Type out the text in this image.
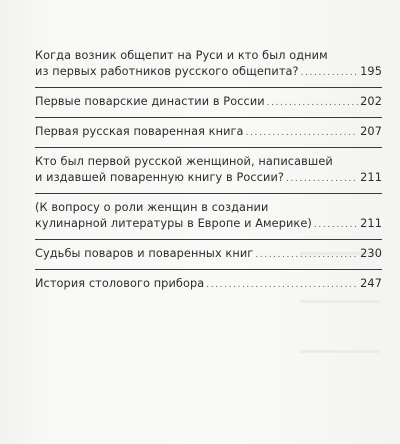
Когда возник общепит на Руси и кто был одним
из первых работников русского общепита? .....	195
Первые поварские династии в России .....	202
Первая русская поваренная книга .....	207
Кто был первой русской женщиной, написавшей
и издавшей поваренную книгу в России? .....	211
(К вопросу о роли женщин в создании
кулинарной литературы в Европе и Америке) .....	211
Судьбы поваров и поваренных книг .....	230
История столового прибора .....	247
